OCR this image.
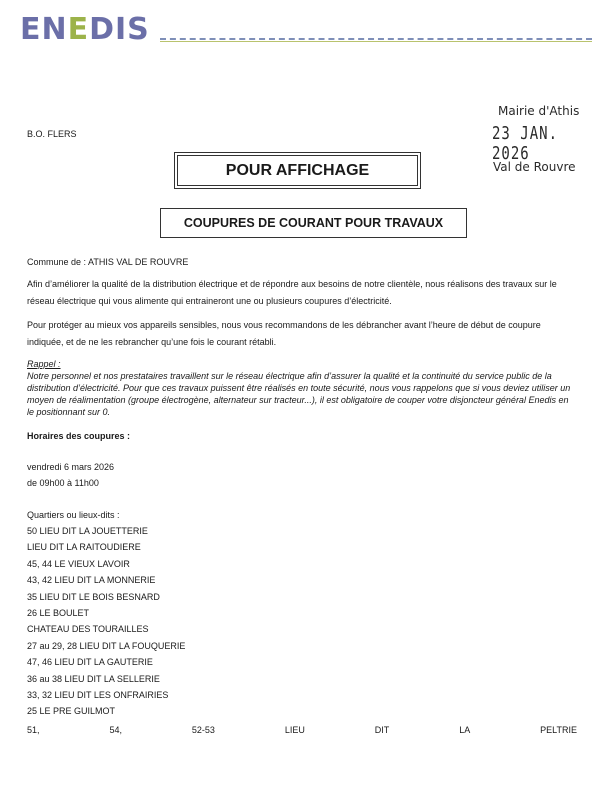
ENEDIS
Mairie d'Athis
23 JAN. 2026
Val de Rouvre
B.O. FLERS
POUR AFFICHAGE
COUPURES DE COURANT POUR TRAVAUX
Commune de : ATHIS VAL DE ROUVRE
Afin d’améliorer la qualité de la distribution électrique et de répondre aux besoins de notre clientèle, nous réalisons des travaux sur le réseau électrique qui vous alimente qui entraineront une ou plusieurs coupures d’électricité.
Pour protéger au mieux vos appareils sensibles, nous vous recommandons de les débrancher avant l’heure de début de coupure indiquée, et de ne les rebrancher qu’une fois le courant rétabli.
Rappel :
Notre personnel et nos prestataires travaillent sur le réseau électrique afin d’assurer la qualité et la continuité du service public de la distribution d’électricité. Pour que ces travaux puissent être réalisés en toute sécurité, nous vous rappelons que si vous deviez utiliser un moyen de réalimentation (groupe électrogène, alternateur sur tracteur...), il est obligatoire de couper votre disjoncteur général Enedis en le positionnant sur 0.
Horaires des coupures :
vendredi 6 mars 2026
de 09h00 à 11h00
Quartiers ou lieux-dits :
50 LIEU DIT LA JOUETTERIE
LIEU DIT LA RAITOUDIERE
45, 44 LE VIEUX LAVOIR
43, 42 LIEU DIT LA MONNERIE
35 LIEU DIT LE BOIS BESNARD
26 LE BOULET
CHATEAU DES TOURAILLES
27 au 29, 28 LIEU DIT LA FOUQUERIE
47, 46 LIEU DIT LA GAUTERIE
36 au 38 LIEU DIT LA SELLERIE
33, 32 LIEU DIT LES ONFRAIRIES
25 LE PRE GUILMOT
51,	54,	52-53	LIEU	DIT	LA	PELTRIE
